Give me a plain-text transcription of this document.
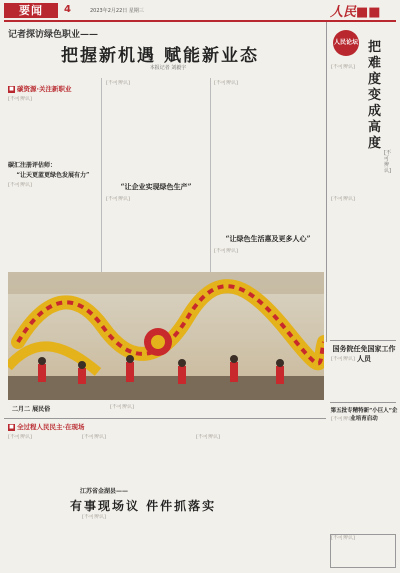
要闻	4	2023年2月22日 星期三	人民■■
记者探访绿色职业——
把握新机遇 赋能新业态
本报记者 刘毅宇
■ 碳资源·关注新职业
[不可辨认]
碳汇注册评估师：
“让天更蓝更绿色发展有力”
[不可辨认]
[不可辨认]
“让企业实现绿色生产”
[不可辨认]
[不可辨认]
“让绿色生活惠及更多人心”
[不可辨认]
二月二 展民俗	[不可辨认]
人民论坛 把难度变成高度
[不可辨认]
[不可辨认]
[不可辨认]
国务院任免国家工作人员
[不可辨认]
第五批专精特新“小巨人”企业培育启动
[不可辨认]
[不可辨认]
■ 全过程人民民主·在现场
[不可辨认]	[不可辨认]	[不可辨认]
江苏省金湖县——
有事现场议 件件抓落实
[不可辨认]
